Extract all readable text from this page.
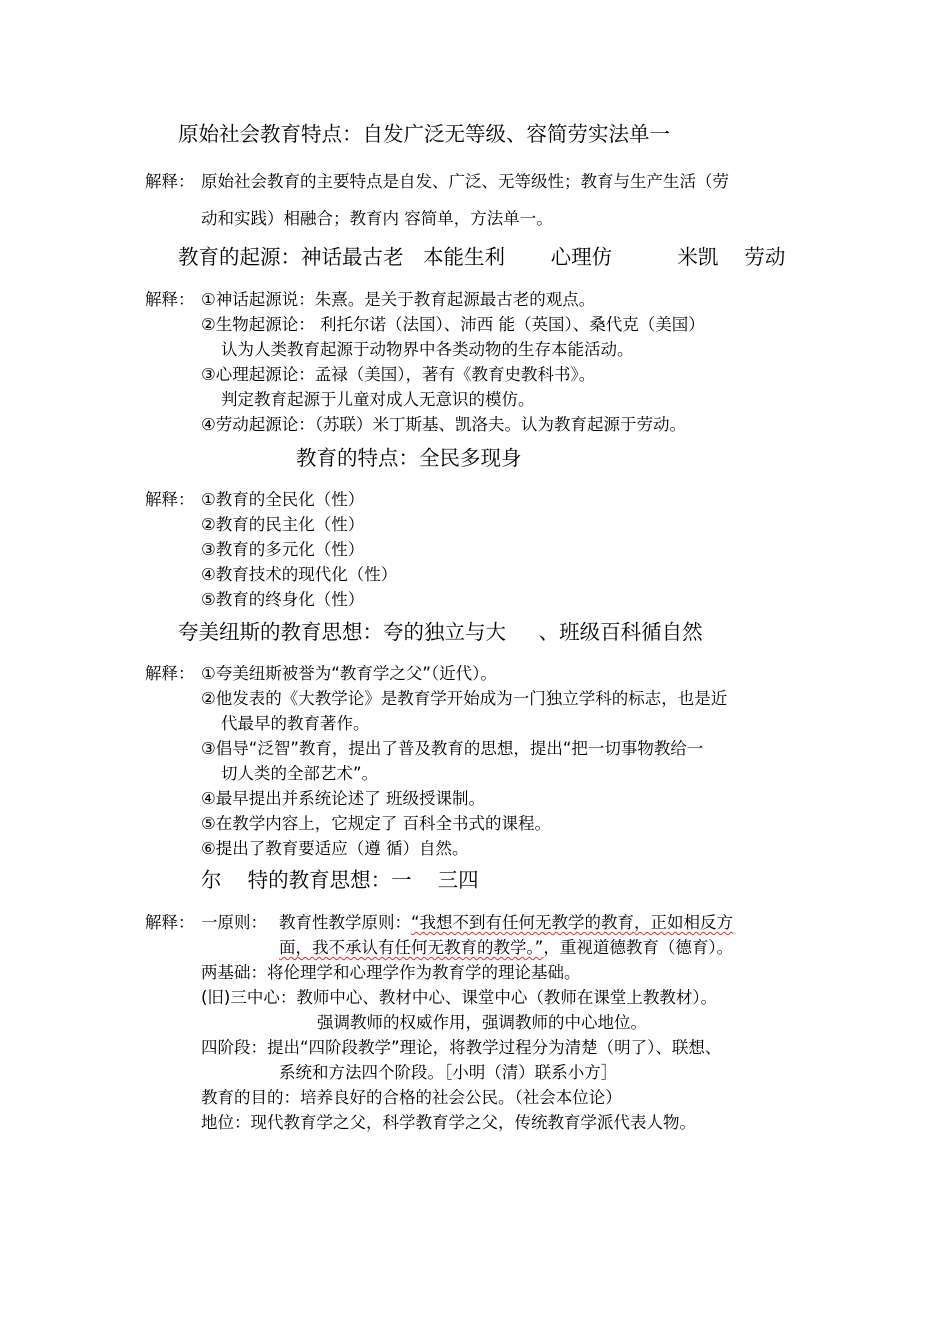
原始社会教育特点：自发广泛无等级、容简劳实法单一
解释： 原始社会教育的主要特点是自发、广泛、无等级性；教育与生产生活（劳
动和实践）相融合；教育内 容简单，方法单一。
教育的起源：神话最古老   本能生利       心理仿          米凯    劳动
解释： ①神话起源说：朱熹。是关于教育起源最古老的观点。
②生物起源论： 利托尔诺（法国）、沛西 能（英国）、桑代克（美国）
认为人类教育起源于动物界中各类动物的生存本能活动。
③心理起源论：孟禄（美国），著有《教育史教科书》。
判定教育起源于儿童对成人无意识的模仿。
④劳动起源论：（苏联）米丁斯基、凯洛夫。认为教育起源于劳动。
教育的特点：全民多现身
解释： ①教育的全民化（性）
②教育的民主化（性）
③教育的多元化（性）
④教育技术的现代化（性）
⑤教育的终身化（性）
夸美纽斯的教育思想：夸的独立与大     、班级百科循自然
解释： ①夸美纽斯被誉为“教育学之父”（近代）。
②他发表的《大教学论》是教育学开始成为一门独立学科的标志，也是近
代最早的教育著作。
③倡导“泛智”教育，提出了普及教育的思想，提出“把一切事物教给一
切人类的全部艺术”。
④最早提出并系统论述了 班级授课制。
⑤在教学内容上，它规定了 百科全书式的课程。
⑥提出了教育要适应（遵 循）自然。
尔    特的教育思想：一    三四
解释： 一原则： 教育性教学原则：“我想不到有任何无教学的教育，正如相反方
面，我不承认有任何无教育的教学。”，重视道德教育（德育）。
两基础：将伦理学和心理学作为教育学的理论基础。
(旧)三中心：教师中心、教材中心、课堂中心（教师在课堂上教教材）。
强调教师的权威作用，强调教师的中心地位。
四阶段：提出“四阶段教学”理论，将教学过程分为清楚（明了）、联想、
系统和方法四个阶段。［小明（清）联系小方］
教育的目的：培养良好的合格的社会公民。（社会本位论）
地位：现代教育学之父，科学教育学之父，传统教育学派代表人物。
